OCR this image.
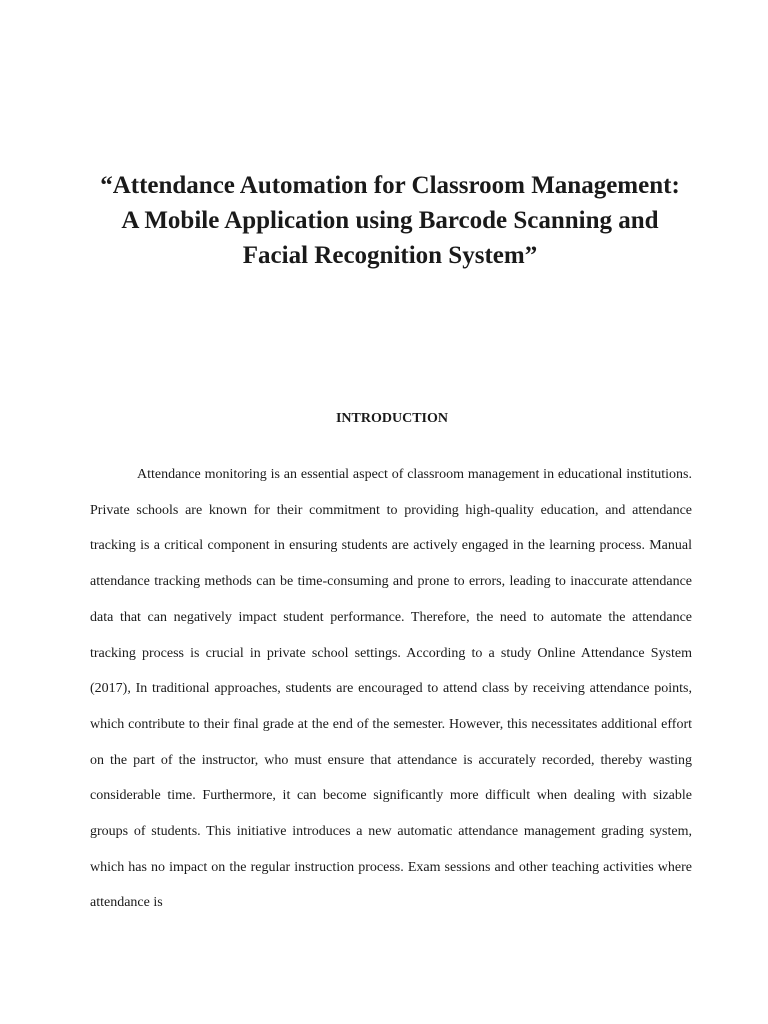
“Attendance Automation for Classroom Management: A Mobile Application using Barcode Scanning and Facial Recognition System”
INTRODUCTION

Attendance monitoring is an essential aspect of classroom management in educational institutions. Private schools are known for their commitment to providing high-quality education, and attendance tracking is a critical component in ensuring students are actively engaged in the learning process. Manual attendance tracking methods can be time-consuming and prone to errors, leading to inaccurate attendance data that can negatively impact student performance. Therefore, the need to automate the attendance tracking process is crucial in private school settings. According to a study Online Attendance System (2017), In traditional approaches, students are encouraged to attend class by receiving attendance points, which contribute to their final grade at the end of the semester. However, this necessitates additional effort on the part of the instructor, who must ensure that attendance is accurately recorded, thereby wasting considerable time. Furthermore, it can become significantly more difficult when dealing with sizable groups of students. This initiative introduces a new automatic attendance management grading system, which has no impact on the regular instruction process. Exam sessions and other teaching activities where attendance is
